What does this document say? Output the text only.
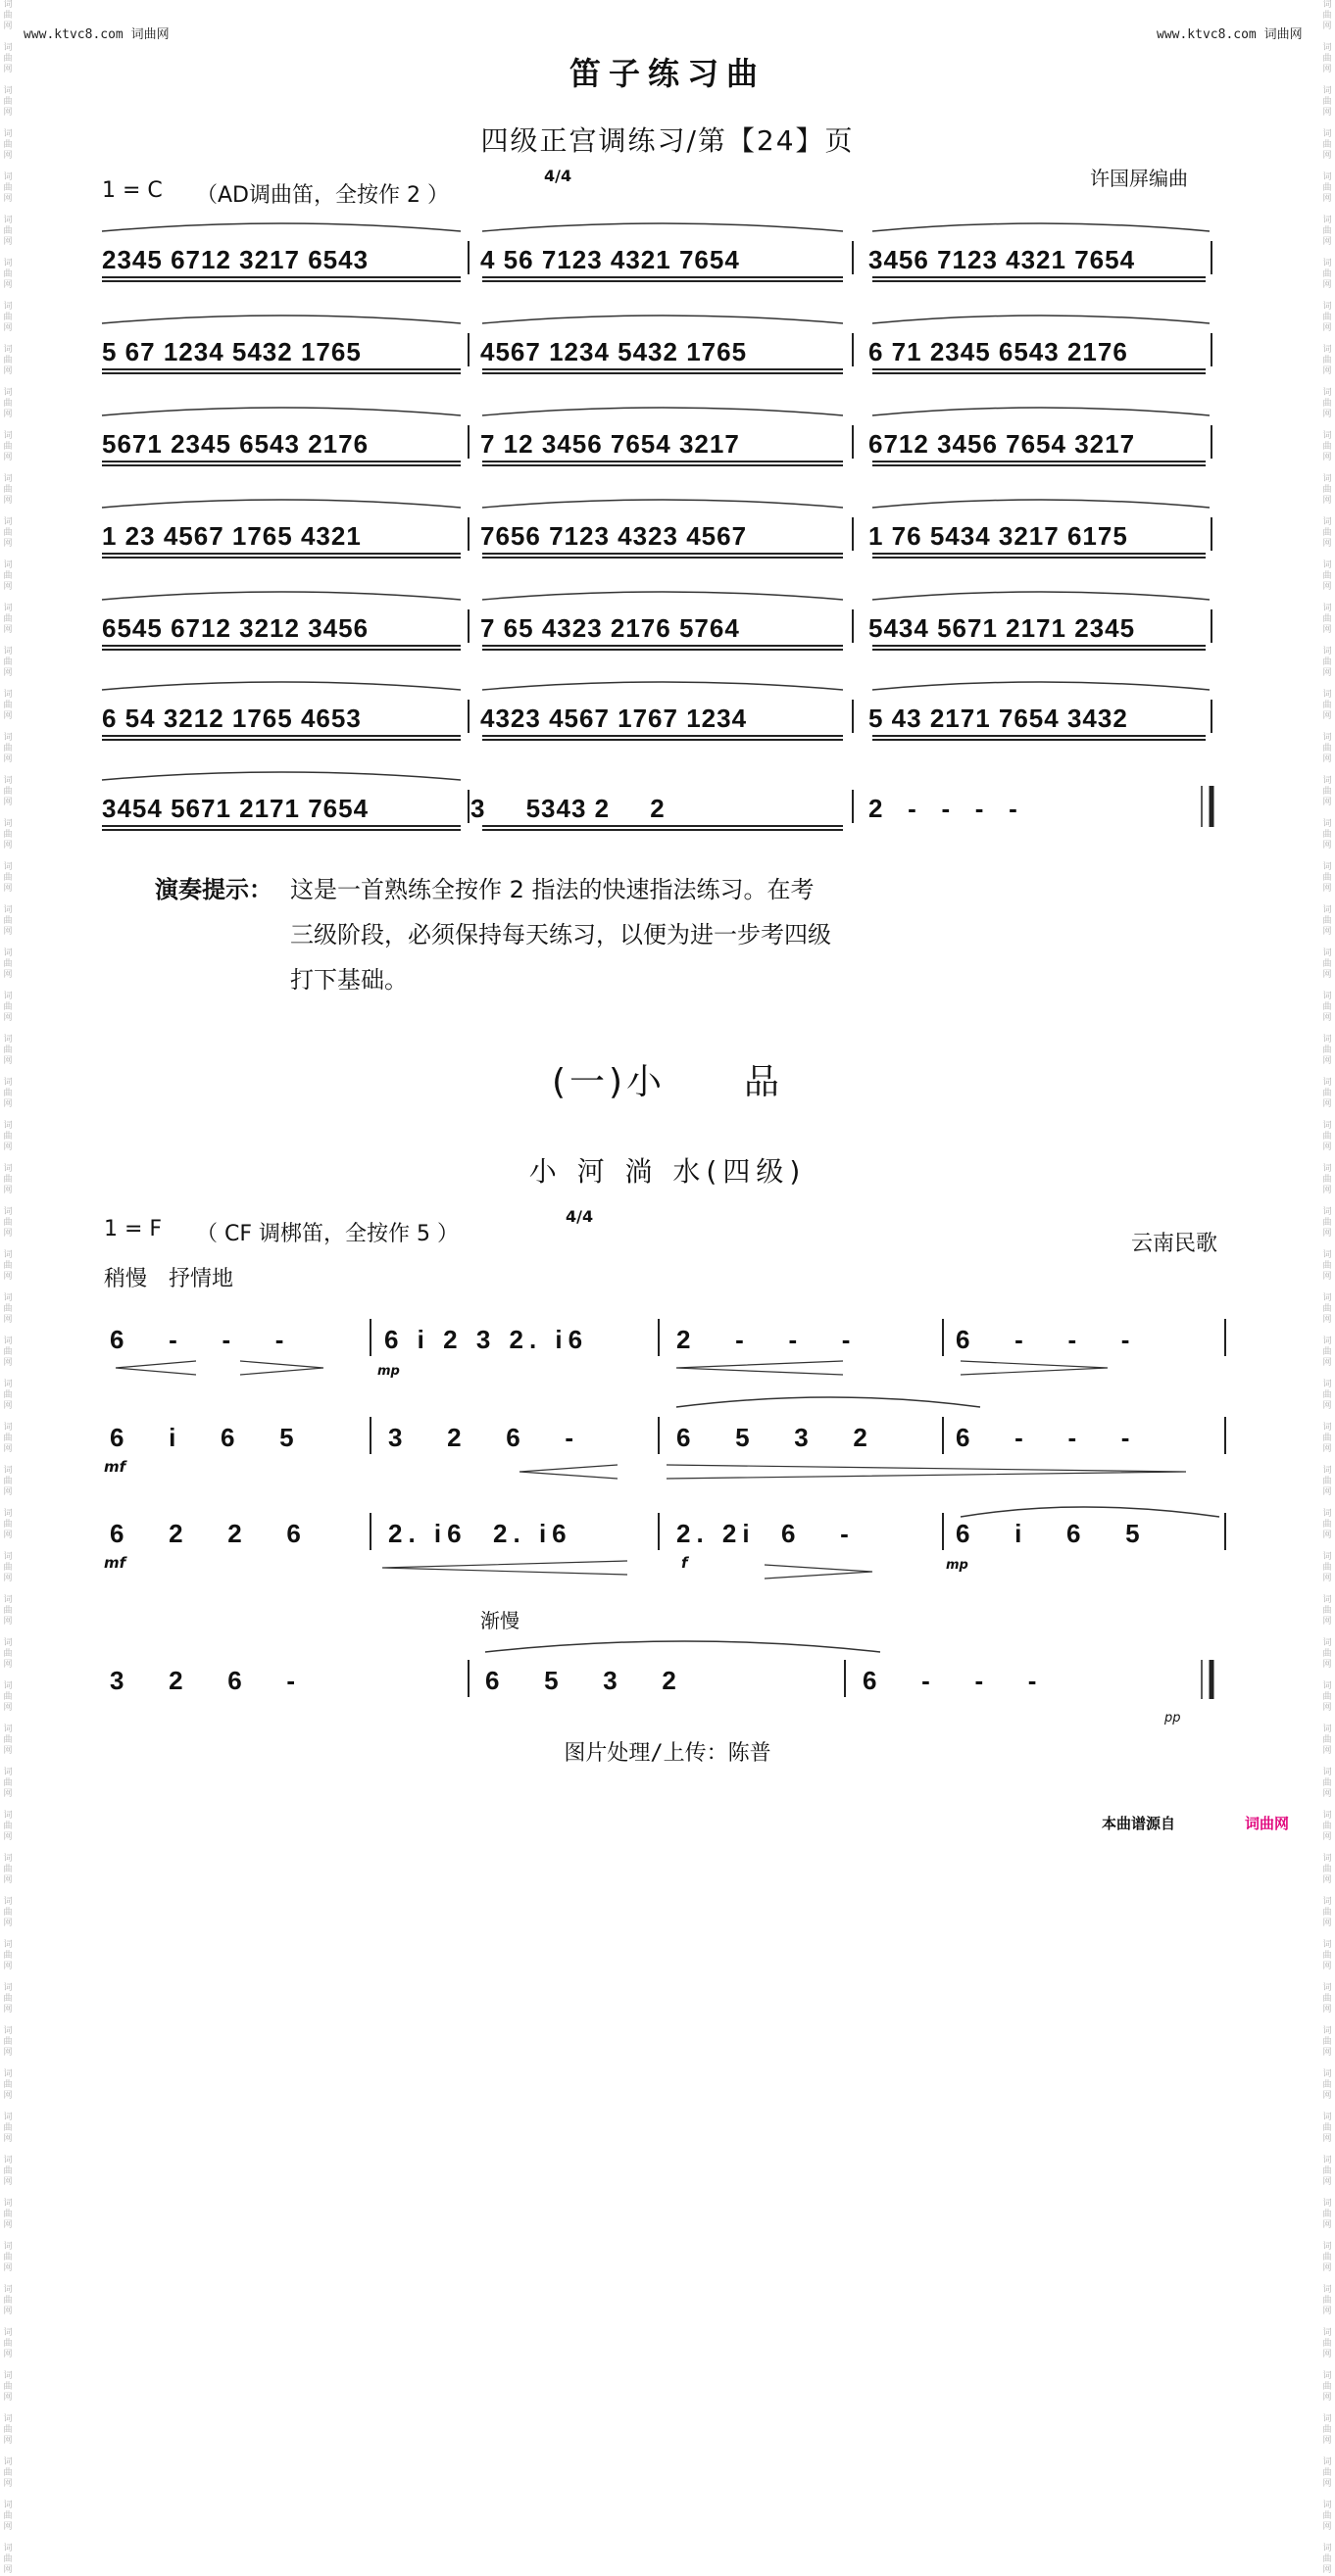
词
曲
网

词
曲
网

词
曲
网

词
曲
网

词
曲
网

词
曲
网

词
曲
网

词
曲
网

词
曲
网

词
曲
网

词
曲
网

词
曲
网

词
曲
网

词
曲
网

词
曲
网

词
曲
网

词
曲
网

词
曲
网

词
曲
网

词
曲
网

词
曲
网

词
曲
网

词
曲
网

词
曲
网

词
曲
网

词
曲
网

词
曲
网

词
曲
网

词
曲
网

词
曲
网

词
曲
网

词
曲
网

词
曲
网

词
曲
网

词
曲
网

词
曲
网

词
曲
网

词
曲
网

词
曲
网

词
曲
网

词
曲
网

词
曲
网

词
曲
网

词
曲
网

词
曲
网

词
曲
网

词
曲
网

词
曲
网

词
曲
网

词
曲
网

词
曲
网

词
曲
网

词
曲
网

词
曲
网

词
曲
网

词
曲
网

词
曲
网

词
曲
网

词
曲
网

词
曲
网

词
曲
网

词
曲
网

词
曲
网

词
曲
网

词
曲
网

词
曲
网

词
曲
网

词
曲
网

词
曲
网

词
曲
网

词
曲
网

词
曲
网

词
曲
网

词
曲
网

词
曲
网

词
曲
网

词
曲
网

词
曲
网

词
曲
网

词
曲
网

词
曲
网

词
曲
网

词
曲
网

词
曲
网

词
曲
网

词
曲
网

词
曲
网

词
曲
网

词
曲
网

词
曲
网

词
曲
网

词
曲
网

词
曲
网

词
曲
网

词
曲
网

词
曲
网

词
曲
网

词
曲
网

词
曲
网

词
曲
网

词
曲
网

词
曲
网

词
曲
网

词
曲
网

词
曲
网

词
曲
网

词
曲
网

词
曲
网

词
曲
网

词
曲
网

词
曲
网

词
曲
网

词
曲
网

词
曲
网

词
曲
网

词
曲
网

词
曲
网

词
曲
网

词
曲
网

词
曲
网

www.ktvc8.com 词曲网	www.ktvc8.com 词曲网
笛子练习曲
四级正宫调练习/第【24】页
1 = C （AD调曲笛，全按作 2 ）
4/4	许国屏编曲
2345 6712 3217 6543	4 56 7123 4321 7654	3456 7123 4321 7654
5 67 1234 5432 1765	4567 1234 5432 1765	6 71 2345 6543 2176
5671 2345 6543 2176	7 12 3456 7654 3217	6712 3456 7654 3217
1 23 4567 1765 4321	7656 7123 4323 4567	1 76 5434 3217 6175
6545 6712 3212 3456	7 65 4323 2176 5764	5434 5671 2171 2345
6 54 3212 1765 4653	4323 4567 1767 1234	5 43 2171 7654 3432
3454 5671 2171 7654	3     5343 2     2	2   -   -   -   -
演奏提示： 这是一首熟练全按作 2 指法的快速指法练习。在考
三级阶段，必须保持每天练习，以便为进一步考四级
打下基础。
(一)小　　品
小 河 淌 水(四级)
1 = F （ CF 调梆笛，全按作 5 ）
4/4
云南民歌
稍慢　抒情地
6   -   -   -	6 i 2 3 2. i6	2   -   -   -	6   -   -   -
6   i   6   5	3   2   6   -	6   5   3   2	6   -   -   -
6   2   2   6	2. i6  2. i6	2. 2i  6   -	6   i   6   5
3   2   6   -	6   5   3   2	6   -   -   -
mp
mf
mf	f	mp
pp
渐慢
图片处理/上传：陈普
本曲谱源自	词曲网
